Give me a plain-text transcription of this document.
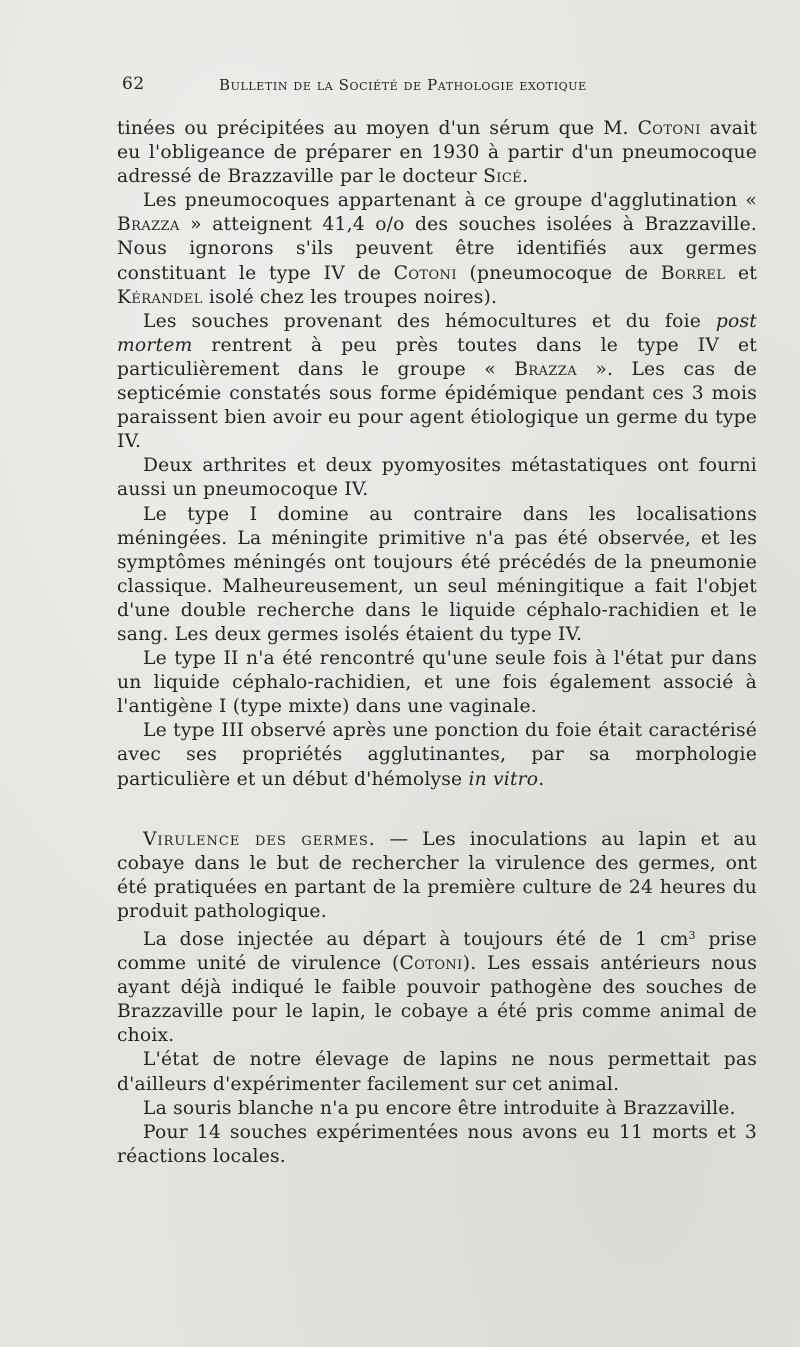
62	Bulletin de la Société de Pathologie exotique

tinées ou précipitées au moyen d'un sérum que M. Cotoni avait eu l'obligeance de préparer en 1930 à partir d'un pneumocoque adressé de Brazzaville par le docteur Sicé.

Les pneumocoques appartenant à ce groupe d'agglutination « Brazza » atteignent 41,4 o/o des souches isolées à Brazzaville. Nous ignorons s'ils peuvent être identifiés aux germes constituant le type IV de Cotoni (pneumocoque de Borrel et Kérandel isolé chez les troupes noires).

Les souches provenant des hémocultures et du foie post mortem rentrent à peu près toutes dans le type IV et particulièrement dans le groupe « Brazza ». Les cas de septicémie constatés sous forme épidémique pendant ces 3 mois paraissent bien avoir eu pour agent étiologique un germe du type IV.

Deux arthrites et deux pyomyosites métastatiques ont fourni aussi un pneumocoque IV.

Le type I domine au contraire dans les localisations méningées. La méningite primitive n'a pas été observée, et les symptômes méningés ont toujours été précédés de la pneumonie classique. Malheureusement, un seul méningitique a fait l'objet d'une double recherche dans le liquide céphalo-rachidien et le sang. Les deux germes isolés étaient du type IV.

Le type II n'a été rencontré qu'une seule fois à l'état pur dans un liquide céphalo-rachidien, et une fois également associé à l'antigène I (type mixte) dans une vaginale.

Le type III observé après une ponction du foie était caractérisé avec ses propriétés agglutinantes, par sa morphologie particulière et un début d'hémolyse in vitro.

Virulence des germes. — Les inoculations au lapin et au cobaye dans le but de rechercher la virulence des germes, ont été pratiquées en partant de la première culture de 24 heures du produit pathologique.

La dose injectée au départ à toujours été de 1 $cm^3$ prise comme unité de virulence (Cotoni). Les essais antérieurs nous ayant déjà indiqué le faible pouvoir pathogène des souches de Brazzaville pour le lapin, le cobaye a été pris comme animal de choix.

L'état de notre élevage de lapins ne nous permettait pas d'ailleurs d'expérimenter facilement sur cet animal.

La souris blanche n'a pu encore être introduite à Brazzaville.

Pour 14 souches expérimentées nous avons eu 11 morts et 3 réactions locales.
